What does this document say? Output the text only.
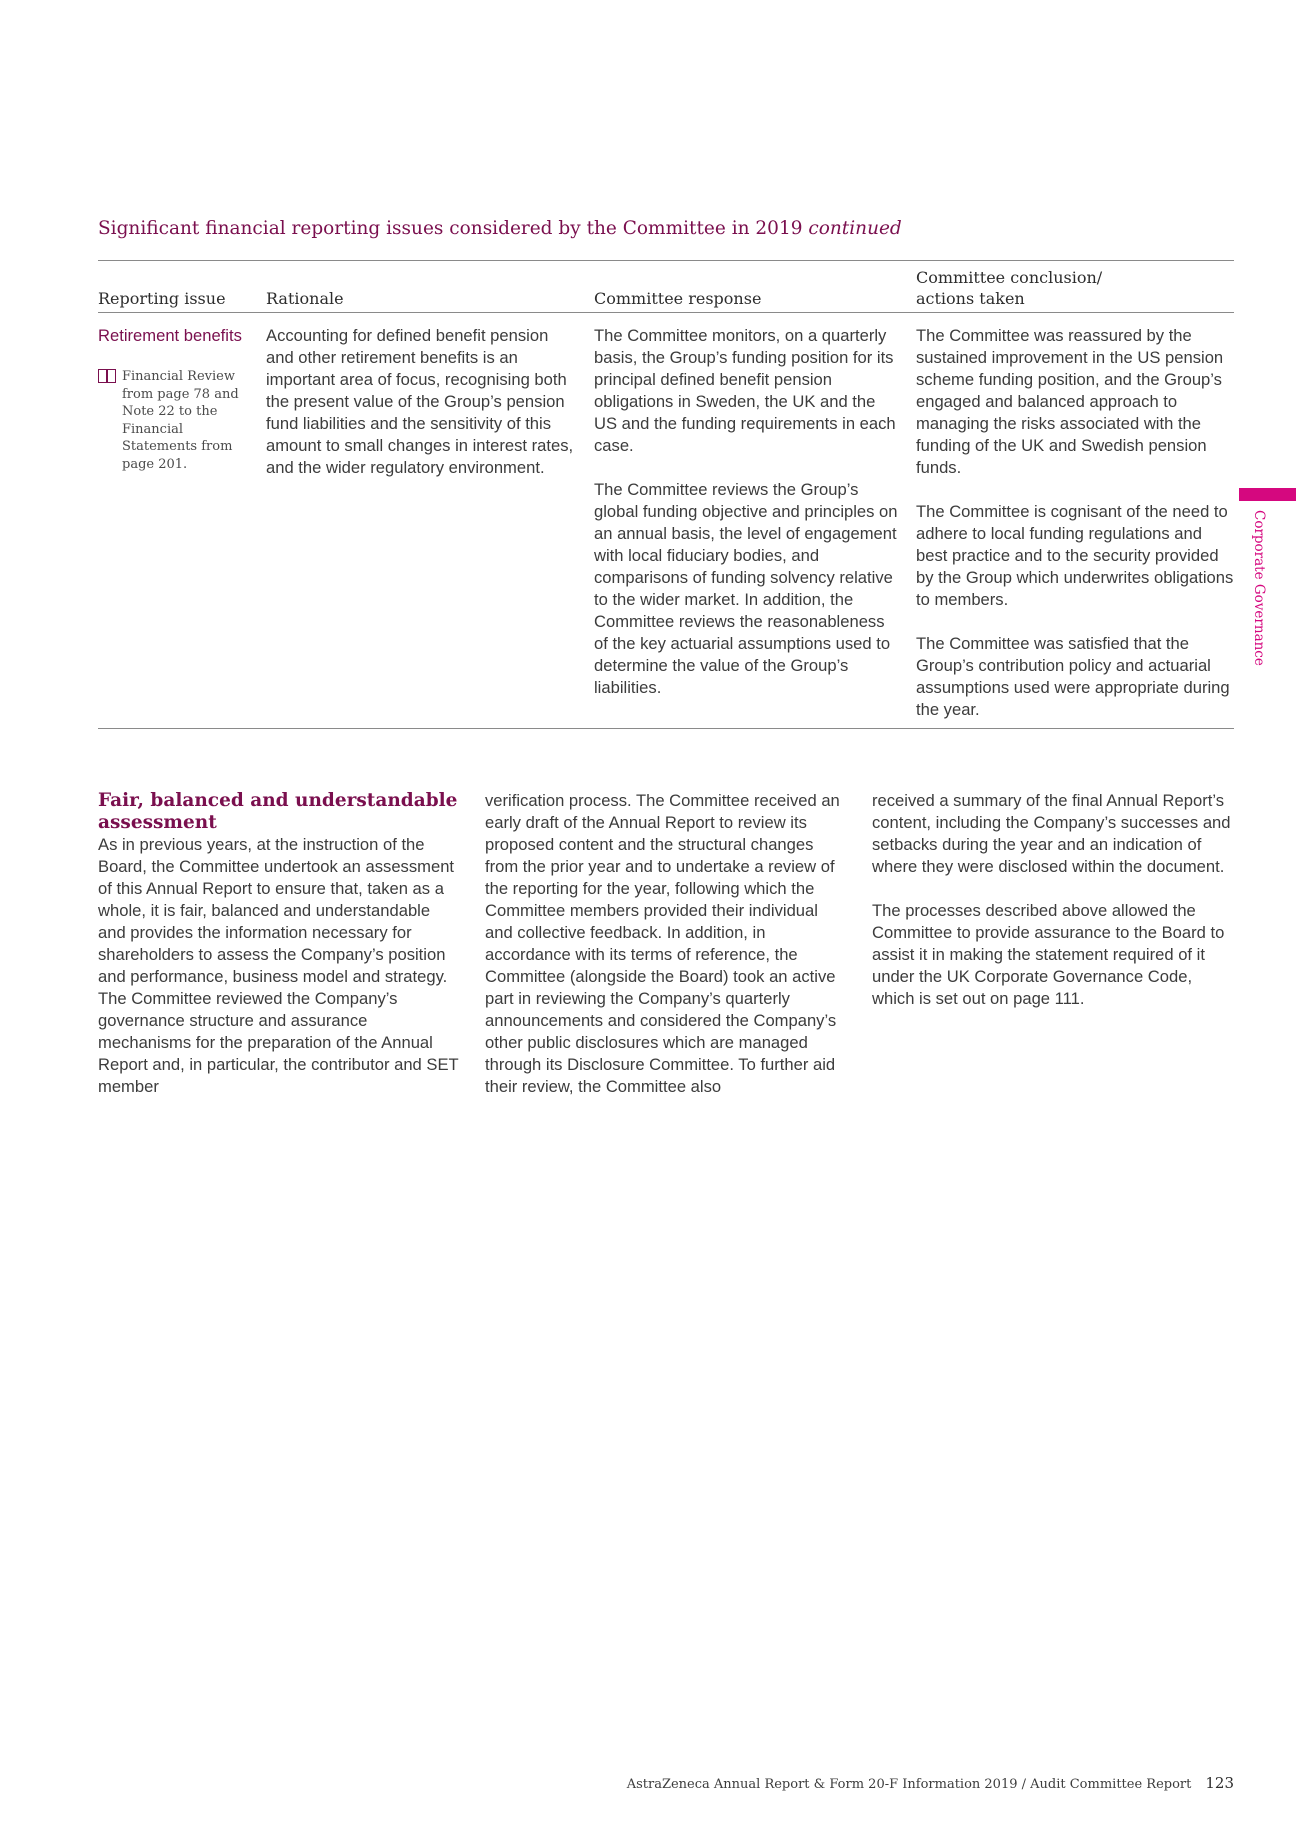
Significant financial reporting issues considered by the Committee in 2019 continued
Reporting issue	Rationale	Committee response
Committee conclusion/
actions taken
Retirement benefits
Financial Review from page 78 and Note 22 to the Financial Statements from page 201.

Accounting for defined benefit pension and other retirement benefits is an important area of focus, recognising both the present value of the Group’s pension fund liabilities and the sensitivity of this amount to small changes in interest rates, and the wider regulatory environment.

The Committee monitors, on a quarterly basis, the Group’s funding position for its principal defined benefit pension obligations in Sweden, the UK and the US and the funding requirements in each case.

The Committee reviews the Group’s global funding objective and principles on an annual basis, the level of engagement with local fiduciary bodies, and comparisons of funding solvency relative to the wider market. In addition, the Committee reviews the reasonableness of the key actuarial assumptions used to determine the value of the Group’s liabilities.

The Committee was reassured by the sustained improvement in the US pension scheme funding position, and the Group’s engaged and balanced approach to managing the risks associated with the funding of the UK and Swedish pension funds.

The Committee is cognisant of the need to adhere to local funding regulations and best practice and to the security provided by the Group which underwrites obligations to members.

The Committee was satisfied that the Group’s contribution policy and actuarial assumptions used were appropriate during the year.

Fair, balanced and understandable assessment

As in previous years, at the instruction of the Board, the Committee undertook an assessment of this Annual Report to ensure that, taken as a whole, it is fair, balanced and understandable and provides the information necessary for shareholders to assess the Company’s position and performance, business model and strategy. The Committee reviewed the Company’s governance structure and assurance mechanisms for the preparation of the Annual Report and, in particular, the contributor and SET member

verification process. The Committee received an early draft of the Annual Report to review its proposed content and the structural changes from the prior year and to undertake a review of the reporting for the year, following which the Committee members provided their individual and collective feedback. In addition, in accordance with its terms of reference, the Committee (alongside the Board) took an active part in reviewing the Company’s quarterly announcements and considered the Company’s other public disclosures which are managed through its Disclosure Committee. To further aid their review, the Committee also

received a summary of the final Annual Report’s content, including the Company’s successes and setbacks during the year and an indication of where they were disclosed within the document.

The processes described above allowed the Committee to provide assurance to the Board to assist it in making the statement required of it under the UK Corporate Governance Code, which is set out on page 111.

Corporate Governance
AstraZeneca Annual Report & Form 20-F Information 2019 / Audit Committee Report 123
